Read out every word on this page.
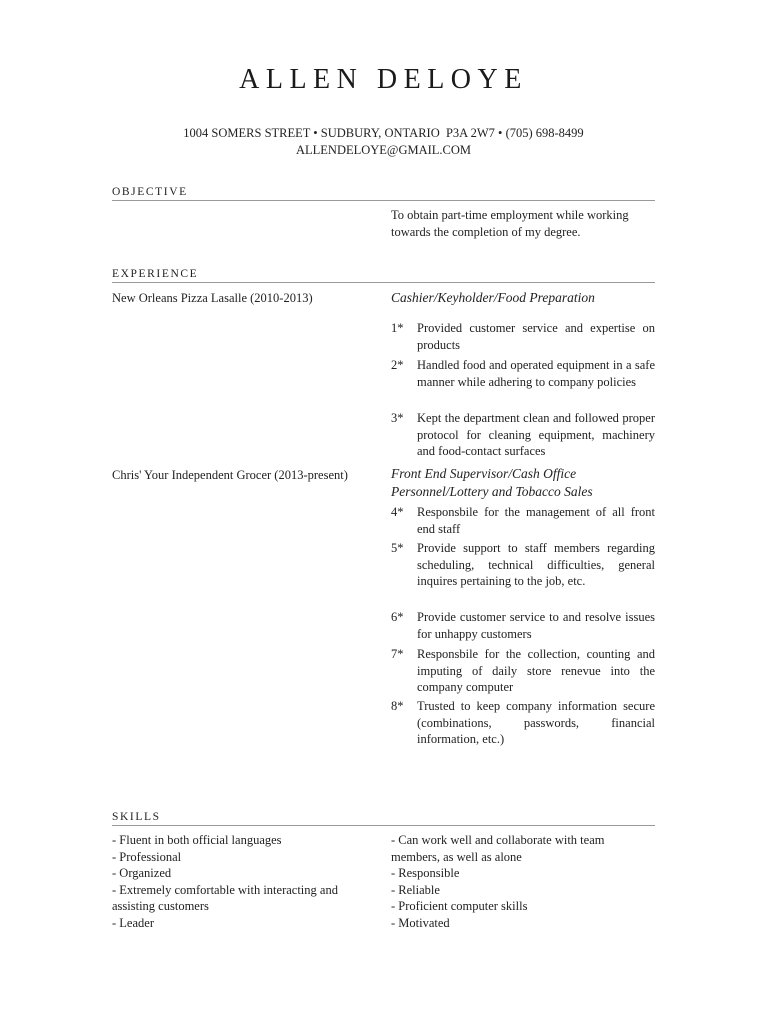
ALLEN DELOYE
1004 SOMERS STREET • SUDBURY, ONTARIO  P3A 2W7 • (705) 698-8499
ALLENDELOYE@GMAIL.COM
OBJECTIVE
To obtain part-time employment while working towards the completion of my degree.
EXPERIENCE
New Orleans Pizza Lasalle (2010-2013)	Cashier/Keyholder/Food Preparation
1*	Provided customer service and expertise on products
2*	Handled food and operated equipment in a safe manner while adhering to company policies
3*	Kept the department clean and followed proper protocol for cleaning equipment, machinery and food-contact surfaces
Chris' Your Independent Grocer (2013-present)	Front End Supervisor/Cash Office Personnel/Lottery and Tobacco Sales
4*	Responsbile for the management of all front end staff
5*	Provide support to staff members regarding scheduling, technical difficulties, general inquires pertaining to the job, etc.
6*	Provide customer service to and resolve issues for unhappy customers
7*	Responsbile for the collection, counting and imputing of daily store renevue into the company computer
8*	Trusted to keep company information secure (combinations, passwords, financial information, etc.)
SKILLS
- Fluent in both official languages
- Professional
- Organized
- Extremely comfortable with interacting and assisting customers
- Leader
- Can work well and collaborate with team members, as well as alone
- Responsible
- Reliable
- Proficient computer skills
- Motivated
